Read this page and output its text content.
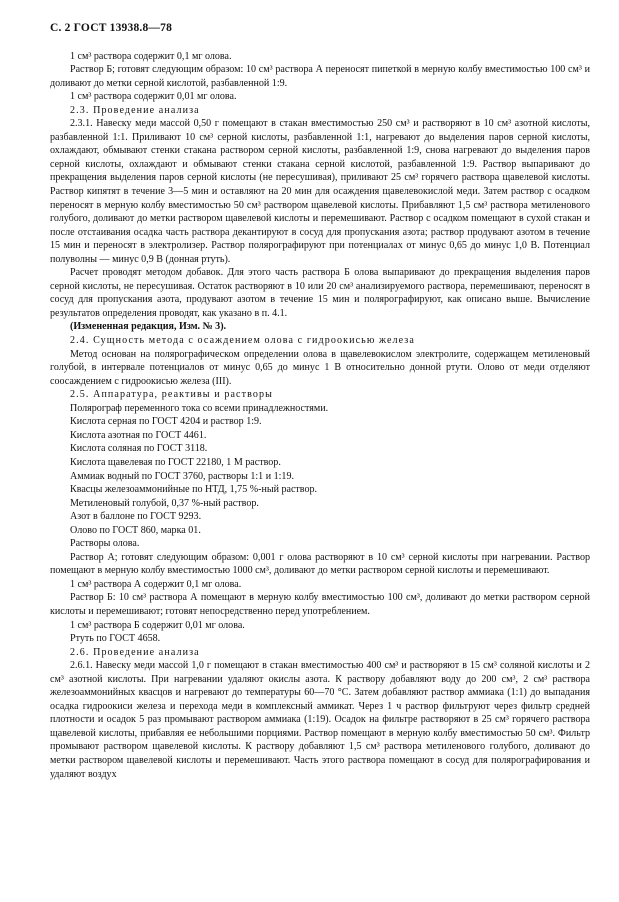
С. 2 ГОСТ 13938.8—78

1 см³ раствора содержит 0,1 мг олова.

Раствор Б; готовят следующим образом: 10 см³ раствора А переносят пипеткой в мерную колбу вместимостью 100 см³ и доливают до метки серной кислотой, разбавленной 1:9.

1 см³ раствора содержит 0,01 мг олова.

2.3. Проведение анализа

2.3.1. Навеску меди массой 0,50 г помещают в стакан вместимостью 250 см³ и растворяют в 10 см³ азотной кислоты, разбавленной 1:1. Приливают 10 см³ серной кислоты, разбавленной 1:1, нагревают до выделения паров серной кислоты, охлаждают, обмывают стенки стакана раствором серной кислоты, разбавленной 1:9, снова нагревают до выделения паров серной кислоты, охлаждают и обмывают стенки стакана серной кислотой, разбавленной 1:9. Раствор выпаривают до прекращения выделения паров серной кислоты (не пересушивая), приливают 25 см³ горячего раствора щавелевой кислоты. Раствор кипятят в течение 3—5 мин и оставляют на 20 мин для осаждения щавелевокислой меди. Затем раствор с осадком переносят в мерную колбу вместимостью 50 см³ раствором щавелевой кислоты. Прибавляют 1,5 см³ раствора метиленового голубого, доливают до метки раствором щавелевой кислоты и перемешивают. Раствор с осадком помещают в сухой стакан и после отстаивания осадка часть раствора декантируют в сосуд для пропускания азота; раствор продувают азотом в течение 15 мин и переносят в электролизер. Раствор полярографируют при потенциалах от минус 0,65 до минус 1,0 В. Потенциал полуволны — минус 0,9 В (донная ртуть).

Расчет проводят методом добавок. Для этого часть раствора Б олова выпаривают до прекращения выделения паров серной кислоты, не пересушивая. Остаток растворяют в 10 или 20 см³ анализируемого раствора, перемешивают, переносят в сосуд для пропускания азота, продувают азотом в течение 15 мин и полярографируют, как описано выше. Вычисление результатов определения проводят, как указано в п. 4.1.

(Измененная редакция, Изм. № 3).

2.4. Сущность метода с осаждением олова с гидроокисью железа

Метод основан на полярографическом определении олова в щавелевокислом электролите, содержащем метиленовый голубой, в интервале потенциалов от минус 0,65 до минус 1 В относительно донной ртути. Олово от меди отделяют соосаждением с гидроокисью железа (III).

2.5. Аппаратура, реактивы и растворы

Полярограф переменного тока со всеми принадлежностями.

Кислота серная по ГОСТ 4204 и раствор 1:9.

Кислота азотная по ГОСТ 4461.

Кислота соляная по ГОСТ 3118.

Кислота щавелевая по ГОСТ 22180, 1 М раствор.

Аммиак водный по ГОСТ 3760, растворы 1:1 и 1:19.

Квасцы железоаммонийные по НТД, 1,75 %-ный раствор.

Метиленовый голубой, 0,37 %-ный раствор.

Азот в баллоне по ГОСТ 9293.

Олово по ГОСТ 860, марка 01.

Растворы олова.

Раствор А; готовят следующим образом: 0,001 г олова растворяют в 10 см³ серной кислоты при нагревании. Раствор помещают в мерную колбу вместимостью 1000 см³, доливают до метки раствором серной кислоты и перемешивают.

1 см³ раствора А содержит 0,1 мг олова.

Раствор Б: 10 см³ раствора А помещают в мерную колбу вместимостью 100 см³, доливают до метки раствором серной кислоты и перемешивают; готовят непосредственно перед употреблением.

1 см³ раствора Б содержит 0,01 мг олова.

Ртуть по ГОСТ 4658.

2.6. Проведение анализа

2.6.1. Навеску меди массой 1,0 г помещают в стакан вместимостью 400 см³ и растворяют в 15 см³ соляной кислоты и 2 см³ азотной кислоты. При нагревании удаляют окислы азота. К раствору добавляют воду до 200 см³, 2 см³ раствора железоаммонийных квасцов и нагревают до температуры 60—70 °С. Затем добавляют раствор аммиака (1:1) до выпадания осадка гидроокиси железа и перехода меди в комплексный аммикат. Через 1 ч раствор фильтруют через фильтр средней плотности и осадок 5 раз промывают раствором аммиака (1:19). Осадок на фильтре растворяют в 25 см³ горячего раствора щавелевой кислоты, прибавляя ее небольшими порциями. Раствор помещают в мерную колбу вместимостью 50 см³. Фильтр промывают раствором щавелевой кислоты. К раствору добавляют 1,5 см³ раствора метиленового голубого, доливают до метки раствором щавелевой кислоты и перемешивают. Часть этого раствора помещают в сосуд для полярографирования и удаляют воздух
